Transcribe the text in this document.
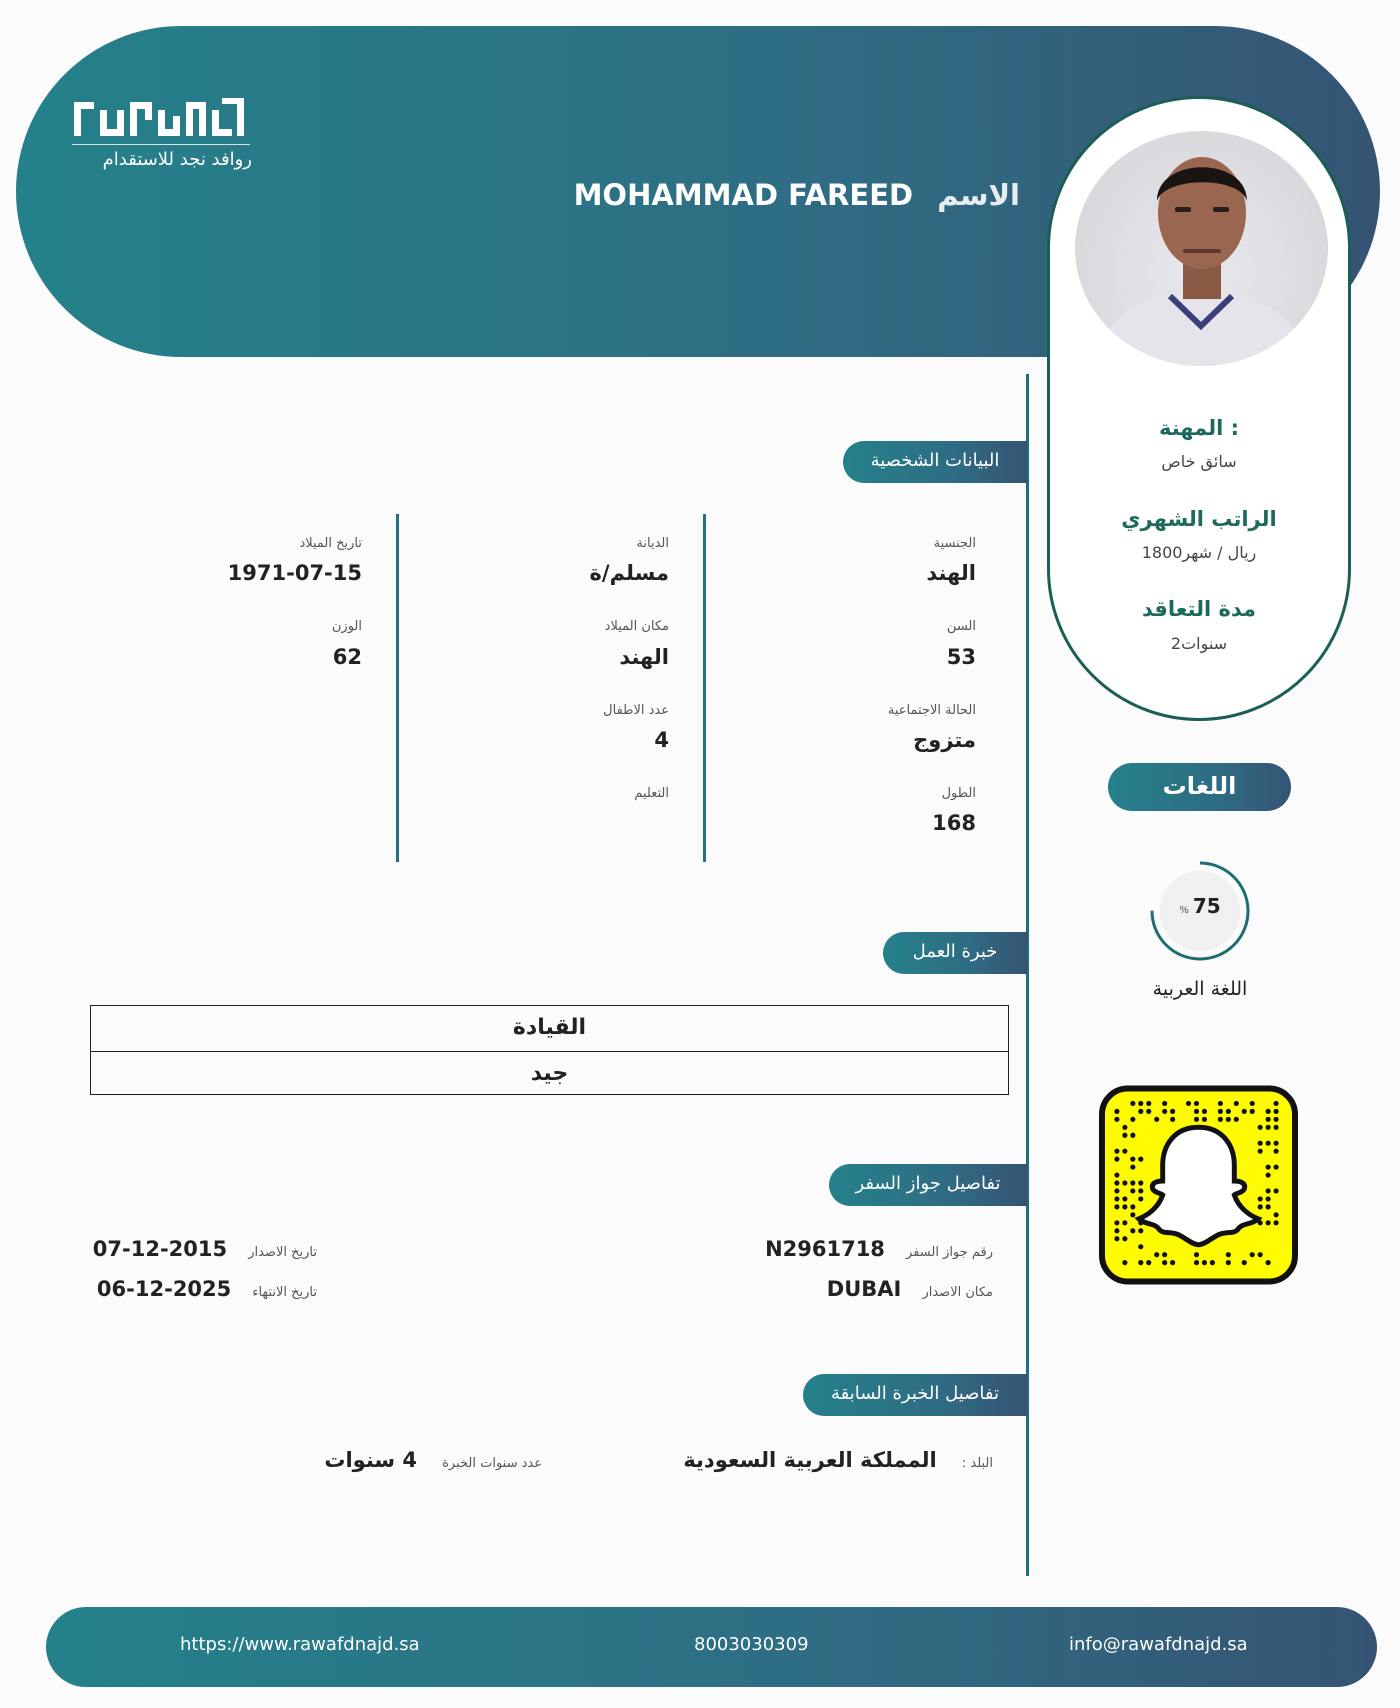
روافد نجد للاستقدام
الاسم MOHAMMAD FAREED
المهنة :
سائق خاص
الراتب الشهري
1800ريال / شهر
مدة التعاقد
2سنوات
اللغات
% 75
اللغة العربية
البيانات الشخصية
خبرة العمل
تفاصيل جواز السفر
تفاصيل الخبرة السابقة
الجنسية
الهند
السن
53
الحالة الاجتماعية
متزوج
الطول
168
الديانة
مسلم/ة
مكان الميلاد
الهند
عدد الاطفال
4
التعليم
تاريخ الميلاد
1971-07-15
الوزن
62
القيادة
جيد
رقم جواز السفر N2961718
مكان الاصدار DUBAI
تاريخ الاصدار 2015-12-07
تاريخ الانتهاء 2025-12-06
البلد : المملكة العربية السعودية
عدد سنوات الخبرة 4 سنوات
https://www.rawafdnajd.sa	8003030309	info@rawafdnajd.sa
